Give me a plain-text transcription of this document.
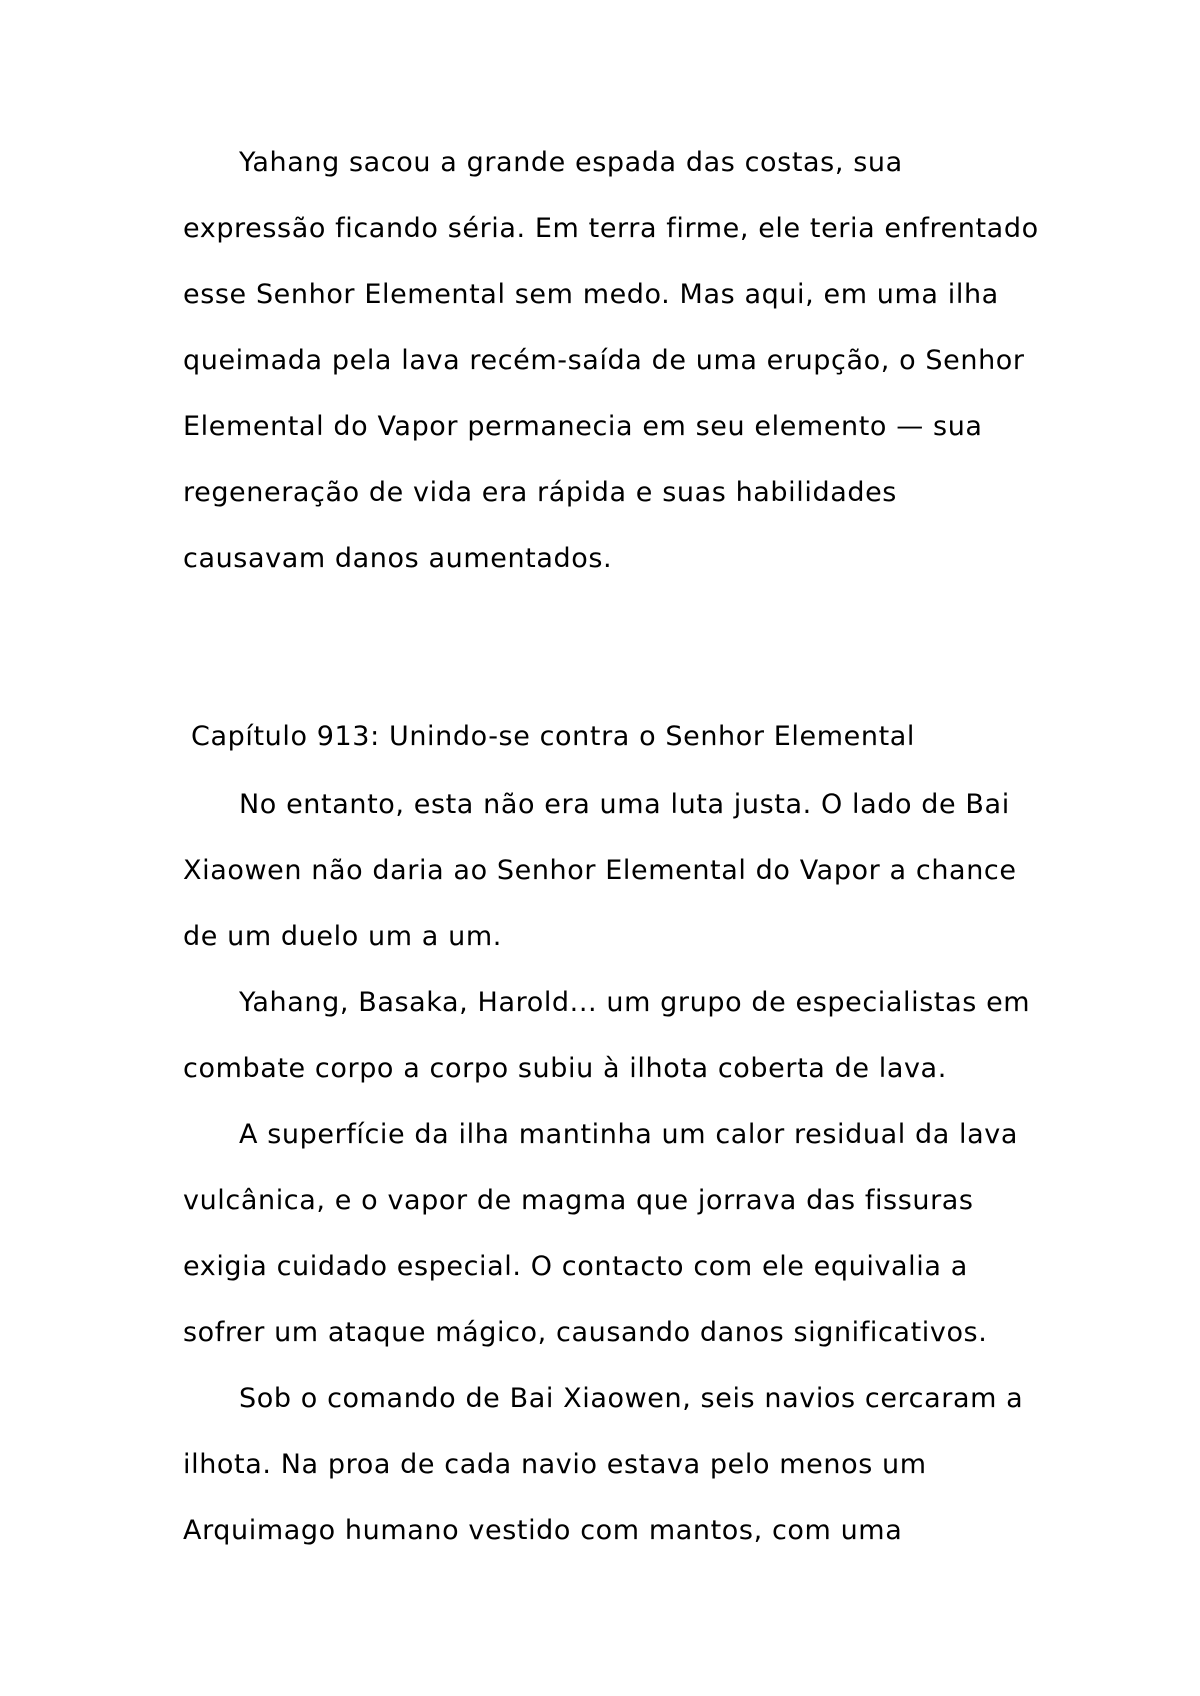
Yahang sacou a grande espada das costas, sua expressão ficando séria. Em terra firme, ele teria enfrentado esse Senhor Elemental sem medo. Mas aqui, em uma ilha queimada pela lava recém-saída de uma erupção, o Senhor Elemental do Vapor permanecia em seu elemento — sua regeneração de vida era rápida e suas habilidades causavam danos aumentados.

Capítulo 913: Unindo-se contra o Senhor Elemental

No entanto, esta não era uma luta justa. O lado de Bai Xiaowen não daria ao Senhor Elemental do Vapor a chance de um duelo um a um.

Yahang, Basaka, Harold... um grupo de especialistas em combate corpo a corpo subiu à ilhota coberta de lava.

A superfície da ilha mantinha um calor residual da lava vulcânica, e o vapor de magma que jorrava das fissuras exigia cuidado especial. O contacto com ele equivalia a sofrer um ataque mágico, causando danos significativos.

Sob o comando de Bai Xiaowen, seis navios cercaram a ilhota. Na proa de cada navio estava pelo menos um Arquimago humano vestido com mantos, com uma
